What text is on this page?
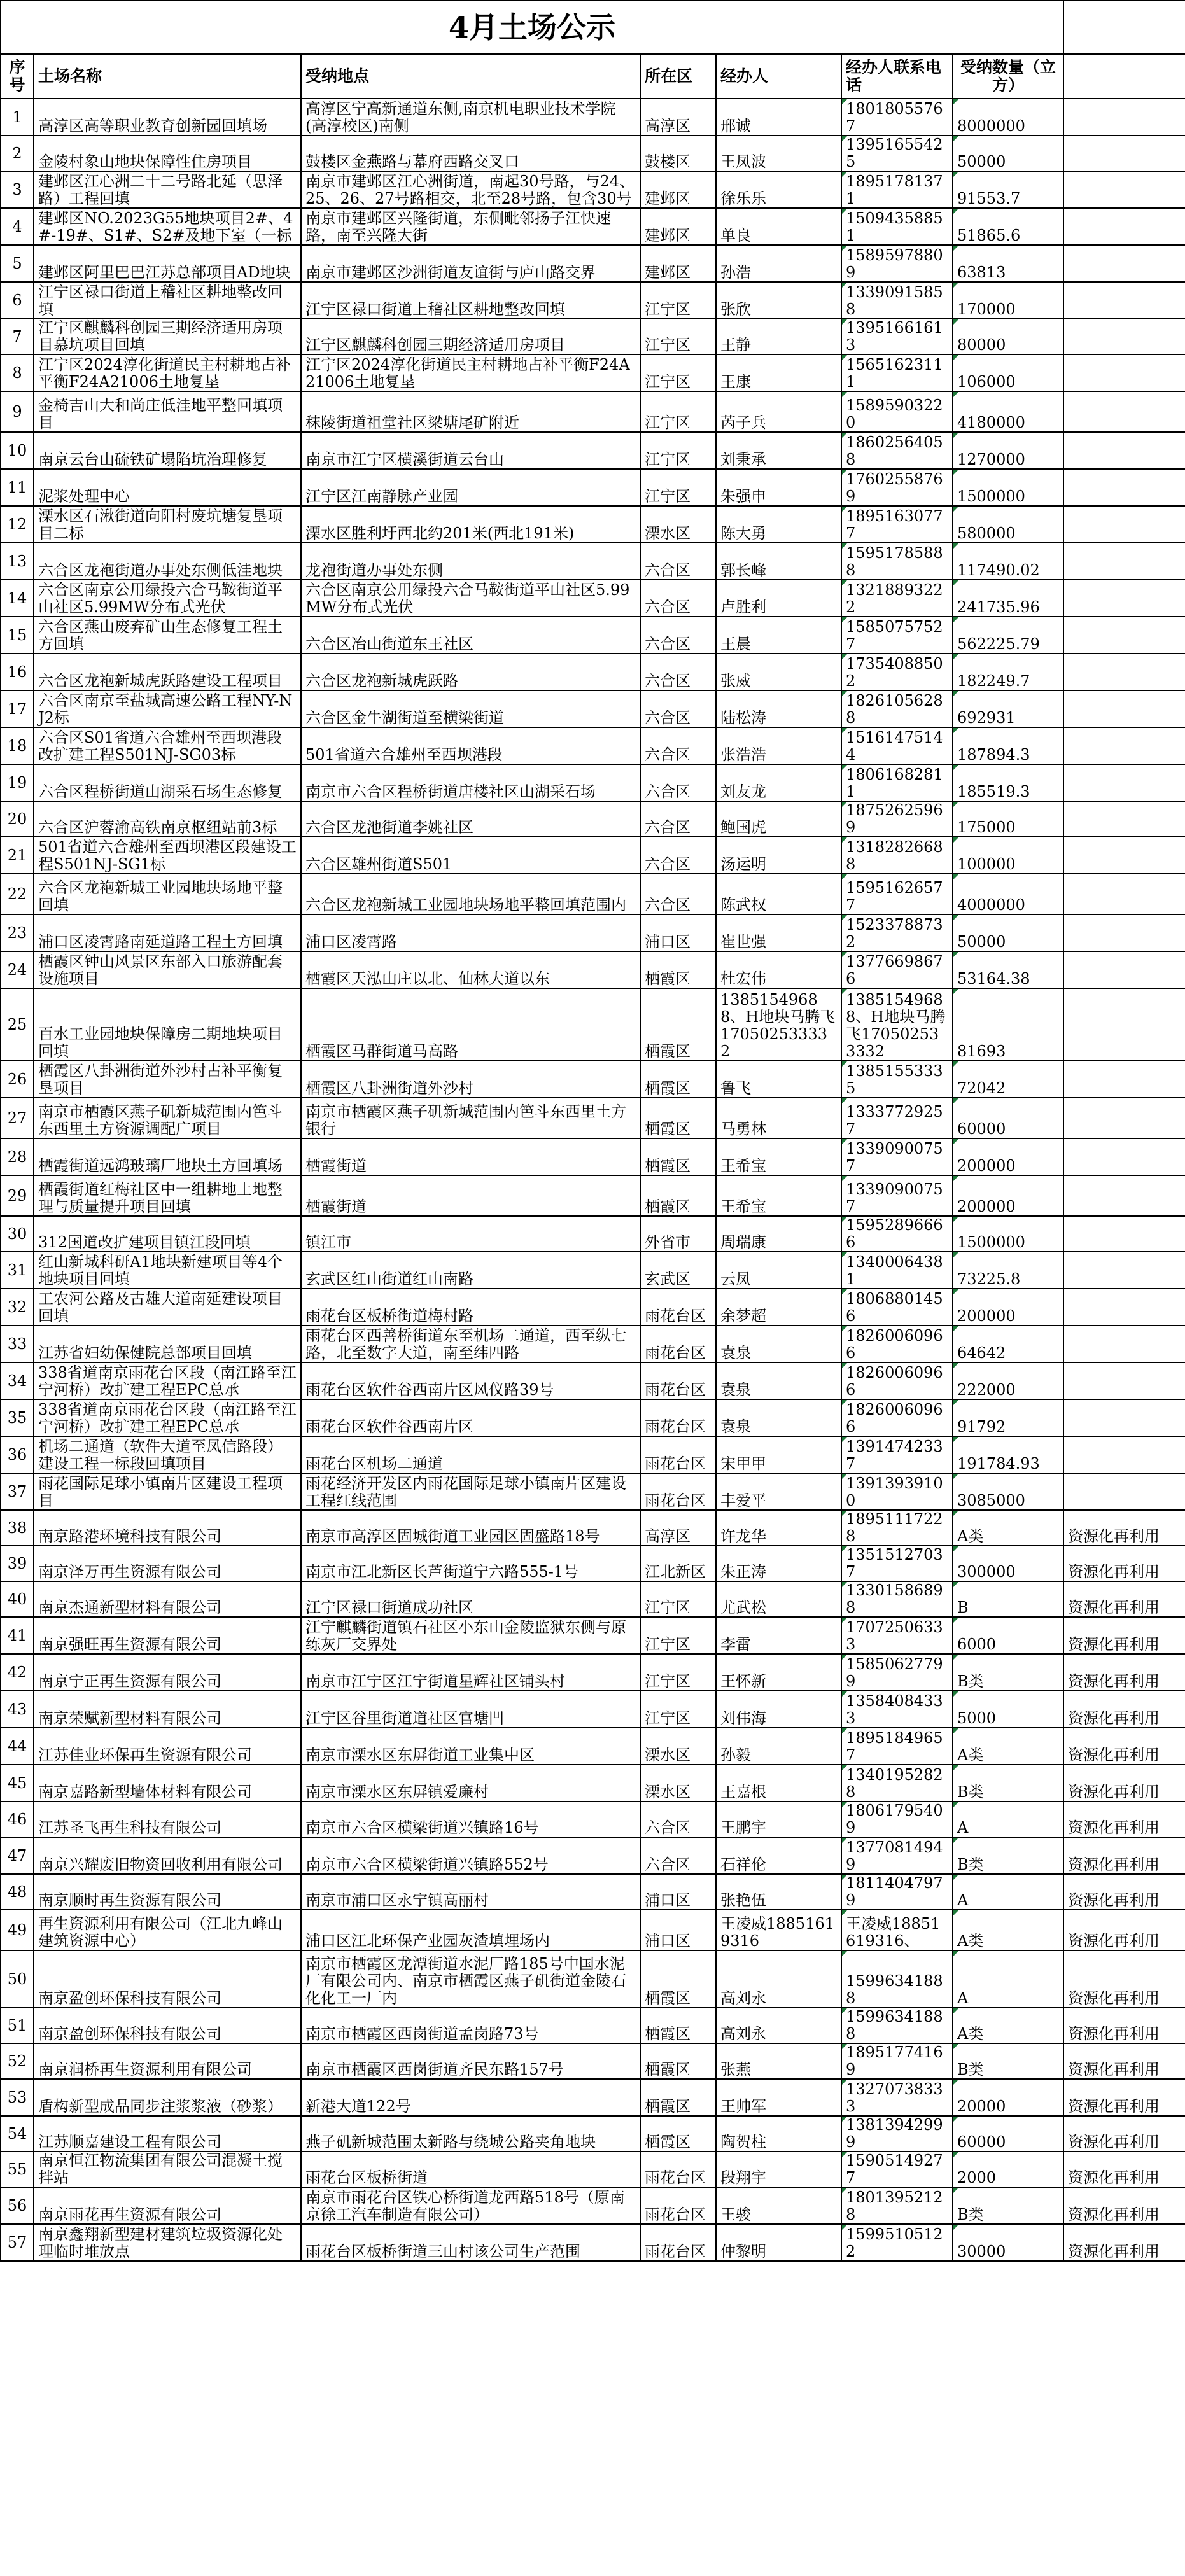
4月土场公示							
序号	土场名称	受纳地点	所在区	经办人	经办人联系电话	受纳数量（立方）	

1	高淳区高等职业教育创新园回填场	高淳区宁高新通道东侧,南京机电职业技术学院(高淳校区)南侧	高淳区	邢诚	18018055767	8000000	

2	金陵村象山地块保障性住房项目	鼓楼区金燕路与幕府西路交叉口	鼓楼区	王凤波	13951655425	50000	

3	建邺区江心洲二十二号路北延（思泽路）工程回填	南京市建邺区江心洲街道，南起30号路，与24、25、26、27号路相交，北至28号路，包含30号	建邺区	徐乐乐	18951781371	91553.7	

4	建邺区NO.2023G55地块项目2#、4#-19#、S1#、S2#及地下室（一标	南京市建邺区兴隆街道，东侧毗邻扬子江快速路，南至兴隆大街	建邺区	单良	15094358851	51865.6	

5	建邺区阿里巴巴江苏总部项目AD地块	南京市建邺区沙洲街道友谊街与庐山路交界	建邺区	孙浩	15895978809	63813	

6	江宁区禄口街道上稽社区耕地整改回填	江宁区禄口街道上稽社区耕地整改回填	江宁区	张欣	13390915858	170000	

7	江宁区麒麟科创园三期经济适用房项目慕坑项目回填	江宁区麒麟科创园三期经济适用房项目	江宁区	王静	13951661613	80000	

8	江宁区2024淳化街道民主村耕地占补平衡F24A21006土地复垦	江宁区2024淳化街道民主村耕地占补平衡F24A21006土地复垦	江宁区	王康	15651623111	106000	

9	金椅吉山大和尚庄低洼地平整回填项目	秣陵街道祖堂社区梁塘尾矿附近	江宁区	芮子兵	15895903220	4180000	

10	南京云台山硫铁矿塌陷坑治理修复	南京市江宁区横溪街道云台山	江宁区	刘秉承	18602564058	1270000	

11	泥浆处理中心	江宁区江南静脉产业园	江宁区	朱强申	17602558769	1500000	

12	溧水区石湫街道向阳村废坑塘复垦项目二标	溧水区胜利圩西北约201米(西北191米)	溧水区	陈大勇	18951630777	580000	

13	六合区龙袍街道办事处东侧低洼地块	龙袍街道办事处东侧	六合区	郭长峰	15951785888	117490.02	

14	六合区南京公用绿投六合马鞍街道平山社区5.99MW分布式光伏	六合区南京公用绿投六合马鞍街道平山社区5.99MW分布式光伏	六合区	卢胜利	13218893222	241735.96	

15	六合区燕山废弃矿山生态修复工程土方回填	六合区冶山街道东王社区	六合区	王晨	15850757527	562225.79	

16	六合区龙袍新城虎跃路建设工程项目	六合区龙袍新城虎跃路	六合区	张威	17354088502	182249.7	

17	六合区南京至盐城高速公路工程NY-NJ2标	六合区金牛湖街道至横梁街道	六合区	陆松涛	18261056288	692931	

18	六合区S01省道六合雄州至西坝港段改扩建工程S501NJ-SG03标	501省道六合雄州至西坝港段	六合区	张浩浩	15161475144	187894.3	

19	六合区程桥街道山湖采石场生态修复	南京市六合区程桥街道唐楼社区山湖采石场	六合区	刘友龙	18061682811	185519.3	

20	六合区沪蓉渝高铁南京枢纽站前3标	六合区龙池街道李姚社区	六合区	鲍国虎	18752625969	175000	

21	501省道六合雄州至西坝港区段建设工程S501NJ-SG1标	六合区雄州街道S501	六合区	汤运明	13182826688	100000	

22	六合区龙袍新城工业园地块场地平整回填	六合区龙袍新城工业园地块场地平整回填范围内	六合区	陈武权	15951626577	4000000	

23	浦口区凌霄路南延道路工程土方回填	浦口区凌霄路	浦口区	崔世强	15233788732	50000	

24	栖霞区钟山风景区东部入口旅游配套设施项目	栖霞区天泓山庄以北、仙林大道以东	栖霞区	杜宏伟	13776698676	53164.38	

25	百水工业园地块保障房二期地块项目回填	栖霞区马群街道马高路	栖霞区	13851549688、H地块马腾飞17050253333​2	13851549688、H地块马腾飞17050253333​2	81693	

26	栖霞区八卦洲街道外沙村占补平衡复垦项目	栖霞区八卦洲街道外沙村	栖霞区	鲁飞	13851553335	72042	

27	南京市栖霞区燕子矶新城范围内笆斗东西里土方资源调配广项目	南京市栖霞区燕子矶新城范围内笆斗东西里土方银行	栖霞区	马勇林	13337729257	60000	

28	栖霞街道远鸿玻璃厂地块土方回填场	栖霞街道	栖霞区	王希宝	13390900757	200000	

29	栖霞街道红梅社区中一组耕地土地整理与质量提升项目回填	栖霞街道	栖霞区	王希宝	13390900757	200000	

30	312国道改扩建项目镇江段回填	镇江市	外省市	周瑞康	15952896666	1500000	

31	红山新城科研A1地块新建项目等4个地块项目回填	玄武区红山街道红山南路	玄武区	云凤	13400064381	73225.8	

32	工农河公路及古雄大道南延建设项目回填	雨花台区板桥街道梅村路	雨花台区	余梦超	18068801456	200000	

33	江苏省妇幼保健院总部项目回填	雨花台区西善桥街道东至机场二通道，西至纵七路，北至数字大道，南至纬四路	雨花台区	袁泉	18260060966	64642	

34	338省道南京雨花台区段（南江路至江宁河桥）改扩建工程EPC总承	雨花台区软件谷西南片区风仪路39号	雨花台区	袁泉	18260060966	222000	

35	338省道南京雨花台区段（南江路至江宁河桥）改扩建工程EPC总承	雨花台区软件谷西南片区	雨花台区	袁泉	18260060966	91792	

36	机场二通道（软件大道至凤信路段）建设工程一标段回填项目	雨花台区机场二通道	雨花台区	宋甲甲	13914742337	191784.93	

37	雨花国际足球小镇南片区建设工程项目	雨花经济开发区内雨花国际足球小镇南片区建设工程红线范围	雨花台区	丰爱平	13913939100	3085000	

38	南京路港环境科技有限公司	南京市高淳区固城街道工业园区固盛路18号	高淳区	许龙华	18951117228	A类	资源化再利用

39	南京泽万再生资源有限公司	南京市江北新区长芦街道宁六路555-1号	江北新区	朱正涛	13515127037	300000	资源化再利用

40	南京杰通新型材料有限公司	江宁区禄口街道成功社区	江宁区	尤武松	13301586898	B	资源化再利用

41	南京强旺再生资源有限公司	江宁麒麟街道镇石社区小东山金陵监狱东侧与原练灰厂交界处	江宁区	李雷	17072506333	6000	资源化再利用

42	南京宁正再生资源有限公司	南京市江宁区江宁街道星辉社区铺头村	江宁区	王怀新	15850627799	B类	资源化再利用

43	南京荣赋新型材料有限公司	江宁区谷里街道道社区官塘凹	江宁区	刘伟海	13584084333	5000	资源化再利用

44	江苏佳业环保再生资源有限公司	南京市溧水区东屏街道工业集中区	溧水区	孙毅	18951849657	A类	资源化再利用

45	南京嘉路新型墙体材料有限公司	南京市溧水区东屏镇爱廉村	溧水区	王嘉根	13401952828	B类	资源化再利用

46	江苏圣飞再生科技有限公司	南京市六合区横梁街道兴镇路16号	六合区	王鹏宇	18061795409	A	资源化再利用

47	南京兴耀废旧物资回收利用有限公司	南京市六合区横梁街道兴镇路552号	六合区	石祥伦	13770814949	B类	资源化再利用

48	南京顺时再生资源有限公司	南京市浦口区永宁镇高丽村	浦口区	张艳伍	18114047979	A	资源化再利用

49	再生资源利用有限公司（江北九峰山建筑资源中心）	浦口区江北环保产业园灰渣填埋场内	浦口区	王凌威18851619316	王凌威18851619316、	A类	资源化再利用

50	南京盈创环保科技有限公司	南京市栖霞区龙潭街道水泥厂路185号中国水泥厂有限公司内、南京市栖霞区燕子矶街道金陵石化化工一厂内	栖霞区	高刘永	15996341888	A	资源化再利用

51	南京盈创环保科技有限公司	南京市栖霞区西岗街道孟岗路73号	栖霞区	高刘永	15996341888	A类	资源化再利用

52	南京润桥再生资源利用有限公司	南京市栖霞区西岗街道齐民东路157号	栖霞区	张燕	18951774169	B类	资源化再利用

53	盾构新型成品同步注浆浆液（砂浆）	新港大道122号	栖霞区	王帅军	13270738333	20000	资源化再利用

54	江苏顺嘉建设工程有限公司	燕子矶新城范围太新路与绕城公路夹角地块	栖霞区	陶贺柱	13813942999	60000	资源化再利用

55	南京恒江物流集团有限公司混凝土搅拌站	雨花台区板桥街道	雨花台区	段翔宇	15905149277	2000	资源化再利用

56	南京雨花再生资源有限公司	南京市雨花台区铁心桥街道龙西路518号（原南京徐工汽车制造有限公司）	雨花台区	王骏	18013952128	B类	资源化再利用

57	南京鑫翔新型建材建筑垃圾资源化处理临时堆放点	雨花台区板桥街道三山村该公司生产范围	雨花台区	仲黎明	15995105122	30000	资源化再利用
